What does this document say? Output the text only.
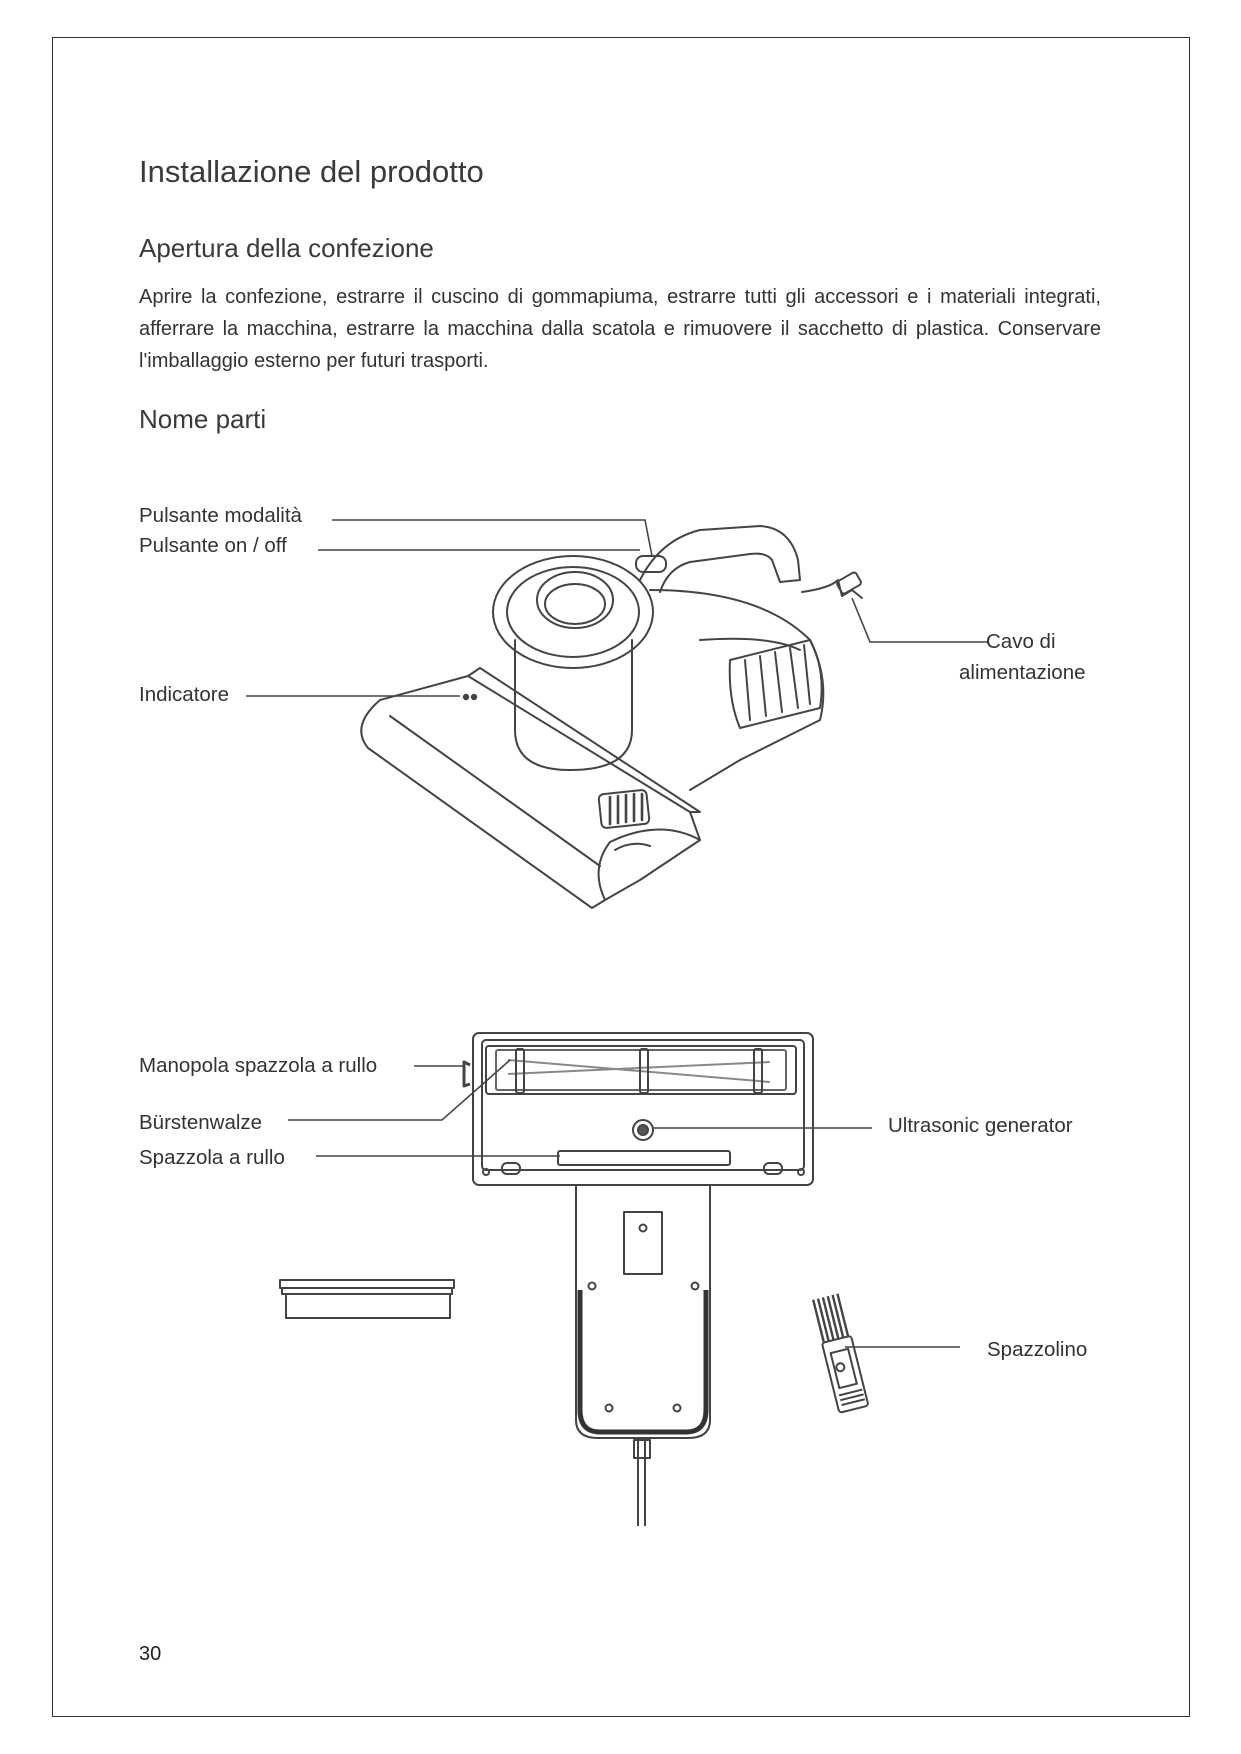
Installazione del prodotto
Apertura della confezione
Aprire la confezione, estrarre il cuscino di gommapiuma, estrarre tutti gli accessori e i materiali integrati, afferrare la macchina, estrarre la macchina dalla scatola e rimuovere il sacchetto di plastica. Conservare l'imballaggio esterno per futuri trasporti.
Nome parti
Pulsante modalità
Pulsante on / off
Indicatore
Cavo di
alimentazione
Manopola spazzola a rullo
Bürstenwalze
Spazzola a rullo
Ultrasonic generator
Spazzolino
30
